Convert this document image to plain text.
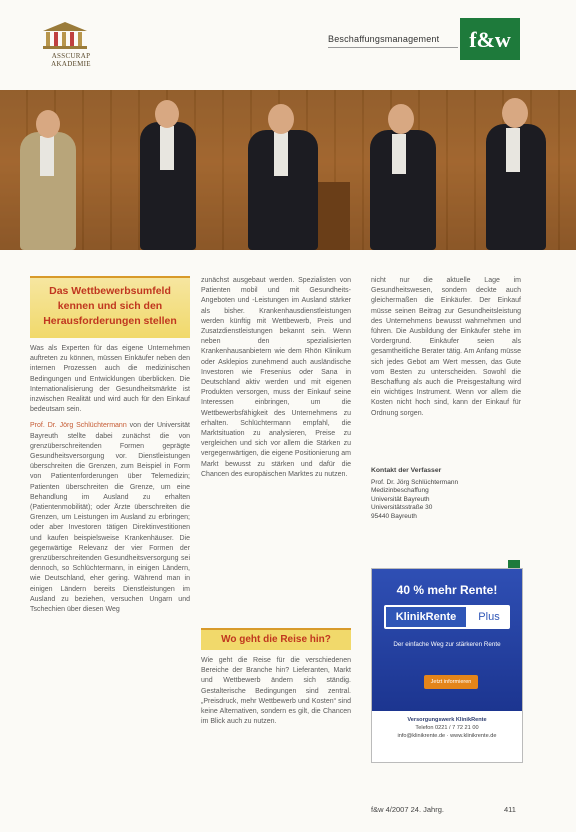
ASSCURAP
AKADEMIE
Beschaffungsmanagement	f&w

Das Wettbewerbsumfeld

kennen und sich den

Herausforderungen stellen

Was als Experten für das eigene Unternehmen auftreten zu können, müssen Einkäufer neben den internen Prozessen auch die medizinischen Bedingungen und Entwicklungen überblicken. Die Internationalisierung der Gesundheitsmärkte ist inzwischen Realität und wird auch für den Einkauf bedeutsam sein.

Prof. Dr. Jörg Schlüchtermann von der Universität Bayreuth stellte dabei zunächst die von grenzüberschreitenden Formen geprägte Gesundheitsversorgung vor. Dienstleistungen überschreiten die Grenzen, zum Beispiel in Form von Patientenforderungen über Telemedizin; Patienten überschreiten die Grenze, um eine Behandlung im Ausland zu erhalten (Patientenmobilität); oder Ärzte überschreiten die Grenzen, um Leistungen im Ausland zu erbringen; oder aber Investoren tätigen Direktinvestitionen und kaufen beispielsweise Krankenhäuser. Die gegenwärtige Relevanz der vier Formen der grenzüberschreitenden Gesundheitsversorgung sei dennoch, so Schlüchtermann, in einigen Ländern, wie Deutschland, eher gering. Während man in einigen Ländern bereits Dienstleistungen im Ausland zu beziehen, versuchen Ungarn und Tschechien über diesen Weg

zunächst ausgebaut werden. Spezialisten von Patienten mobil und mit Gesundheits-Angeboten und -Leistungen im Ausland stärker als bisher. Krankenhausdienstleistungen werden künftig mit Wettbewerb, Preis und Zusatzdienstleistungen bekannt sein. Wenn neben den spezialisierten Krankenhausanbietern wie dem Rhön Klinikum oder Asklepios zunehmend auch ausländische Investoren wie Fresenius oder Sana in Deutschland aktiv werden und mit eigenen Produkten versorgen, muss der Einkauf seine Interessen einbringen, um die Wettbewerbsfähigkeit des Unternehmens zu erhalten. Schlüchtermann empfahl, die Marktsituation zu analysieren, Preise zu vergleichen und sich vor allem die Stärken zu vergegenwärtigen, die eigene Positionierung am Markt bewusst zu stärken und dafür die Chancen des europäischen Marktes zu nutzen.

Wo geht die Reise hin?

Wie geht die Reise für die verschiedenen Bereiche der Branche hin? Lieferanten, Markt und Wettbewerb ändern sich ständig. Gestalterische Bedingungen sind zentral. „Preisdruck, mehr Wettbewerb und Kosten“ sind keine Alternativen, sondern es gilt, die Chancen im Blick auch zu nutzen.

nicht nur die aktuelle Lage im Gesundheitswesen, sondern deckte auch gleichermaßen die Einkäufer. Der Einkauf müsse seinen Beitrag zur Gesundheitsleistung des Unternehmens bewusst wahrnehmen und führen. Die Ausbildung der Einkäufer stehe im Vordergrund. Einkäufer seien als gesamtheitliche Berater tätig. Am Anfang müsse sich jedes Gebot am Wert messen, das Gute vom Besten zu unterscheiden. Sowohl die Beschaffung als auch die Preisgestaltung wird ein wichtiges Instrument. Wenn vor allem die Kosten nicht hoch sind, kann der Einkauf für Ordnung sorgen.

Kontakt der Verfasser
Prof. Dr. Jörg Schlüchtermann
Medizinbeschaffung
Universität Bayreuth
Universitätsstraße 30
95440 Bayreuth
40 % mehr Rente!
KlinikRente	Plus
Der einfache Weg zur stärkeren Rente
Jetzt informieren
Versorgungswerk KlinikRente
Telefon 0221 / 7 72 21 00
info@klinikrente.de · www.klinikrente.de
f&w 4/2007 24. Jahrg.	411
